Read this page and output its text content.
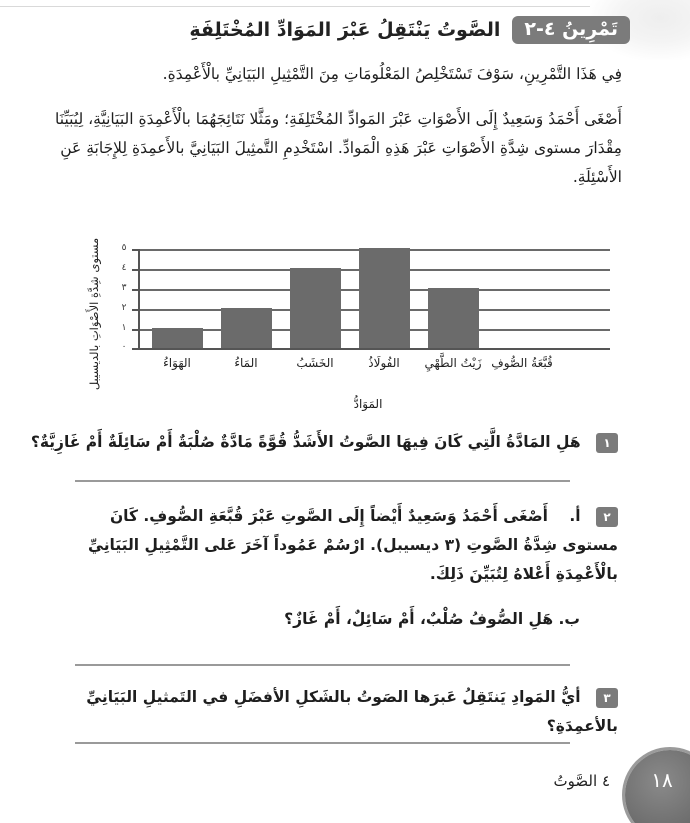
تَمْرِينُ ٤-٢
الصَّوتُ يَنْتَقِلُ عَبْرَ المَوَادِّ المُخْتَلِفَةِ

فِي هَذَا التَّمْرِينِ، سَوْفَ تَسْتَخْلِصُ المَعْلُومَاتِ مِنَ التَّمْثِيلِ البَيَانِيِّ بالْأَعْمِدَةِ.

أَصْغَى أَحْمَدُ وَسَعِيدٌ إِلَى الأَصْوَاتِ عَبْرَ المَوادِّ المُخْتَلِفَةِ؛ ومَثَّلا نَتَائِجَهُمَا بالْأَعْمِدَةِ البَيَانِيَّةِ، لِيُبَيِّنَا مِقْدَارَ مستوى شِدَّةِ الأَصْوَاتِ عَبْرَ هَذِهِ الْمَوادِّ. اسْتَخْدِمِ التَّمثِيلَ البَيَانِيَّ بالأَعمِدَةِ لِلإِجَابَةِ عَنِ الأَسْئِلَةِ.

مستوى شِدَّةِ الأَصْوَاتِ بالديسيبل	٥
٤
٣
٢
١
٠
الهَوَاءُ	المَاءُ	الخَشَبُ	الفُولَاذُ	زَيْتُ الطَّهْيِ قُبَّعَةُ الصُّوفِ
المَوَادُّ
١ هَلِ المَادَّةُ الَّتِي كَانَ فِيهَا الصَّوتُ الأَشَدُّ قُوَّةً مَادَّةٌ صُلْبَةٌ أَمْ سَائِلَةٌ أَمْ غَازِيَّةٌ؟
٢ أ. أَصْغَى أَحْمَدُ وَسَعِيدٌ أَيْضاً إِلَى الصَّوتِ عَبْرَ قُبَّعَةِ الصُّوفِ. كَانَ مستوى شِدَّةُ الصَّوتِ (٣ ديسيبل). ارْسُمْ عَمُوداً آخَرَ عَلى التَّمْثِيلِ البَيَانِيِّ بالْأَعْمِدَةِ أَعْلاهُ لِتُبَيِّنَ ذَلِكَ.
ب. هَلِ الصُّوفُ صُلْبٌ، أَمْ سَائِلٌ، أَمْ غَازٌ؟
٣ أيُّ المَوادِ يَنتَقِلُ عَبرَها الصَوتُ بالشَكلِ الأفضَلِ في التَمثيلِ البَيَانِيِّ بالأعمِدَةِ؟
١٨
٤ الصَّوتُ
